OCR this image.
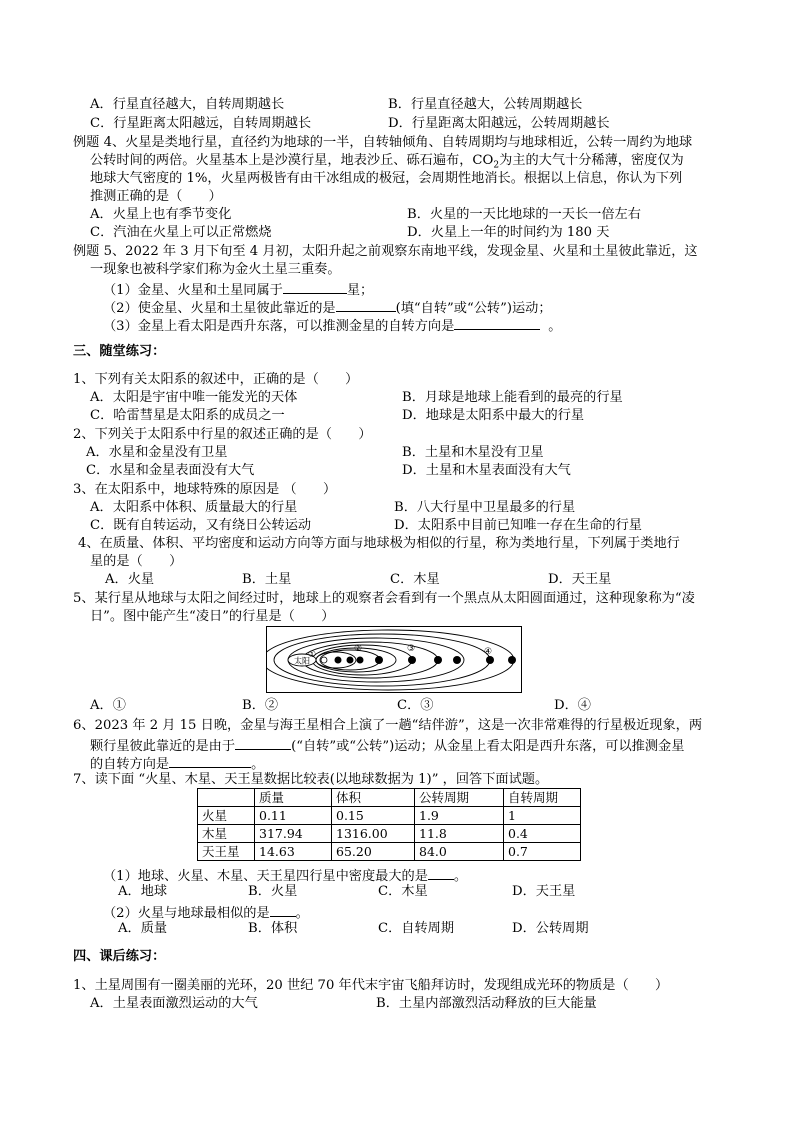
A．行星直径越大，自转周期越长	B．行星直径越大，公转周期越长
C．行星距离太阳越远，自转周期越长	D．行星距离太阳越远，公转周期越长
例题 4、火星是类地行星，直径约为地球的一半，自转轴倾角、自转周期均与地球相近，公转一周约为地球
公转时间的两倍。火星基本上是沙漠行星，地表沙丘、砾石遍布，$CO_2$为主的大气十分稀薄，密度仅为
地球大气密度的 1%，火星两极皆有由干冰组成的极冠，会周期性地消长。根据以上信息，你认为下列
推测正确的是（　　）
A．火星上也有季节变化	B．火星的一天比地球的一天长一倍左右
C．汽油在火星上可以正常燃烧	D．火星上一年的时间约为 180 天
例题 5、2022 年 3 月下旬至 4 月初，太阳升起之前观察东南地平线，发现金星、火星和土星彼此靠近，这
一现象也被科学家们称为金火土星三重奏。
（1）金星、火星和土星同属于	星；
（2）使金星、火星和土星彼此靠近的是	(填“自转”或“公转”)运动；
（3）金星上看太阳是西升东落，可以推测金星的自转方向是	。
三、随堂练习：
1、下列有关太阳系的叙述中，正确的是（　　）
A．太阳是宇宙中唯一能发光的天体	B．月球是地球上能看到的最亮的行星
C．哈雷彗星是太阳系的成员之一	D．地球是太阳系中最大的行星
2、下列关于太阳系中行星的叙述正确的是（　　）
A．水星和金星没有卫星	B．土星和木星没有卫星
C．水星和金星表面没有大气	D．土星和木星表面没有大气
3、在太阳系中，地球特殊的原因是 （　　）
A．太阳系中体积、质量最大的行星	B．八大行星中卫星最多的行星
C．既有自转运动，又有绕日公转运动	D．太阳系中目前已知唯一存在生命的行星
4、在质量、体积、平均密度和运动方向等方面与地球极为相似的行星，称为类地行星，下列属于类地行
星的是（　　）
A．火星	B．土星	C．木星	D．天王星
5、某行星从地球与太阳之间经过时，地球上的观察者会看到有一个黑点从太阳圆面通过，这种现象称为“凌
日”。图中能产生“凌日”的行星是（　　）
太阳
①
②	③	④
A．①	B．②	C．③	D．④
6、2023 年 2 月 15 日晚，金星与海王星相合上演了一趟“结伴游”，这是一次非常难得的行星极近现象，两
颗行星彼此靠近的是由于	(“自转”或“公转”)运动；从金星上看太阳是西升东落，可以推测金星
的自转方向是	。
7、读下面 “火星、木星、天王星数据比较表(以地球数据为 1)” ，回答下面试题。
	质量	体积	公转周期	自转周期
火星	0.11	0.15	1.9	1
木星	317.94	1316.00	11.8	0.4
天王星	14.63	65.20	84.0	0.7
（1）地球、火星、木星、天王星四行星中密度最大的是 。
A．地球	B．火星	C．木星	D．天王星
（2）火星与地球最相似的是 。
A．质量	B．体积	C．自转周期	D．公转周期
四、课后练习：
1、土星周围有一圈美丽的光环，20 世纪 70 年代末宇宙飞船拜访时，发现组成光环的物质是（　　）
A．土星表面激烈运动的大气	B．土星内部激烈活动释放的巨大能量
